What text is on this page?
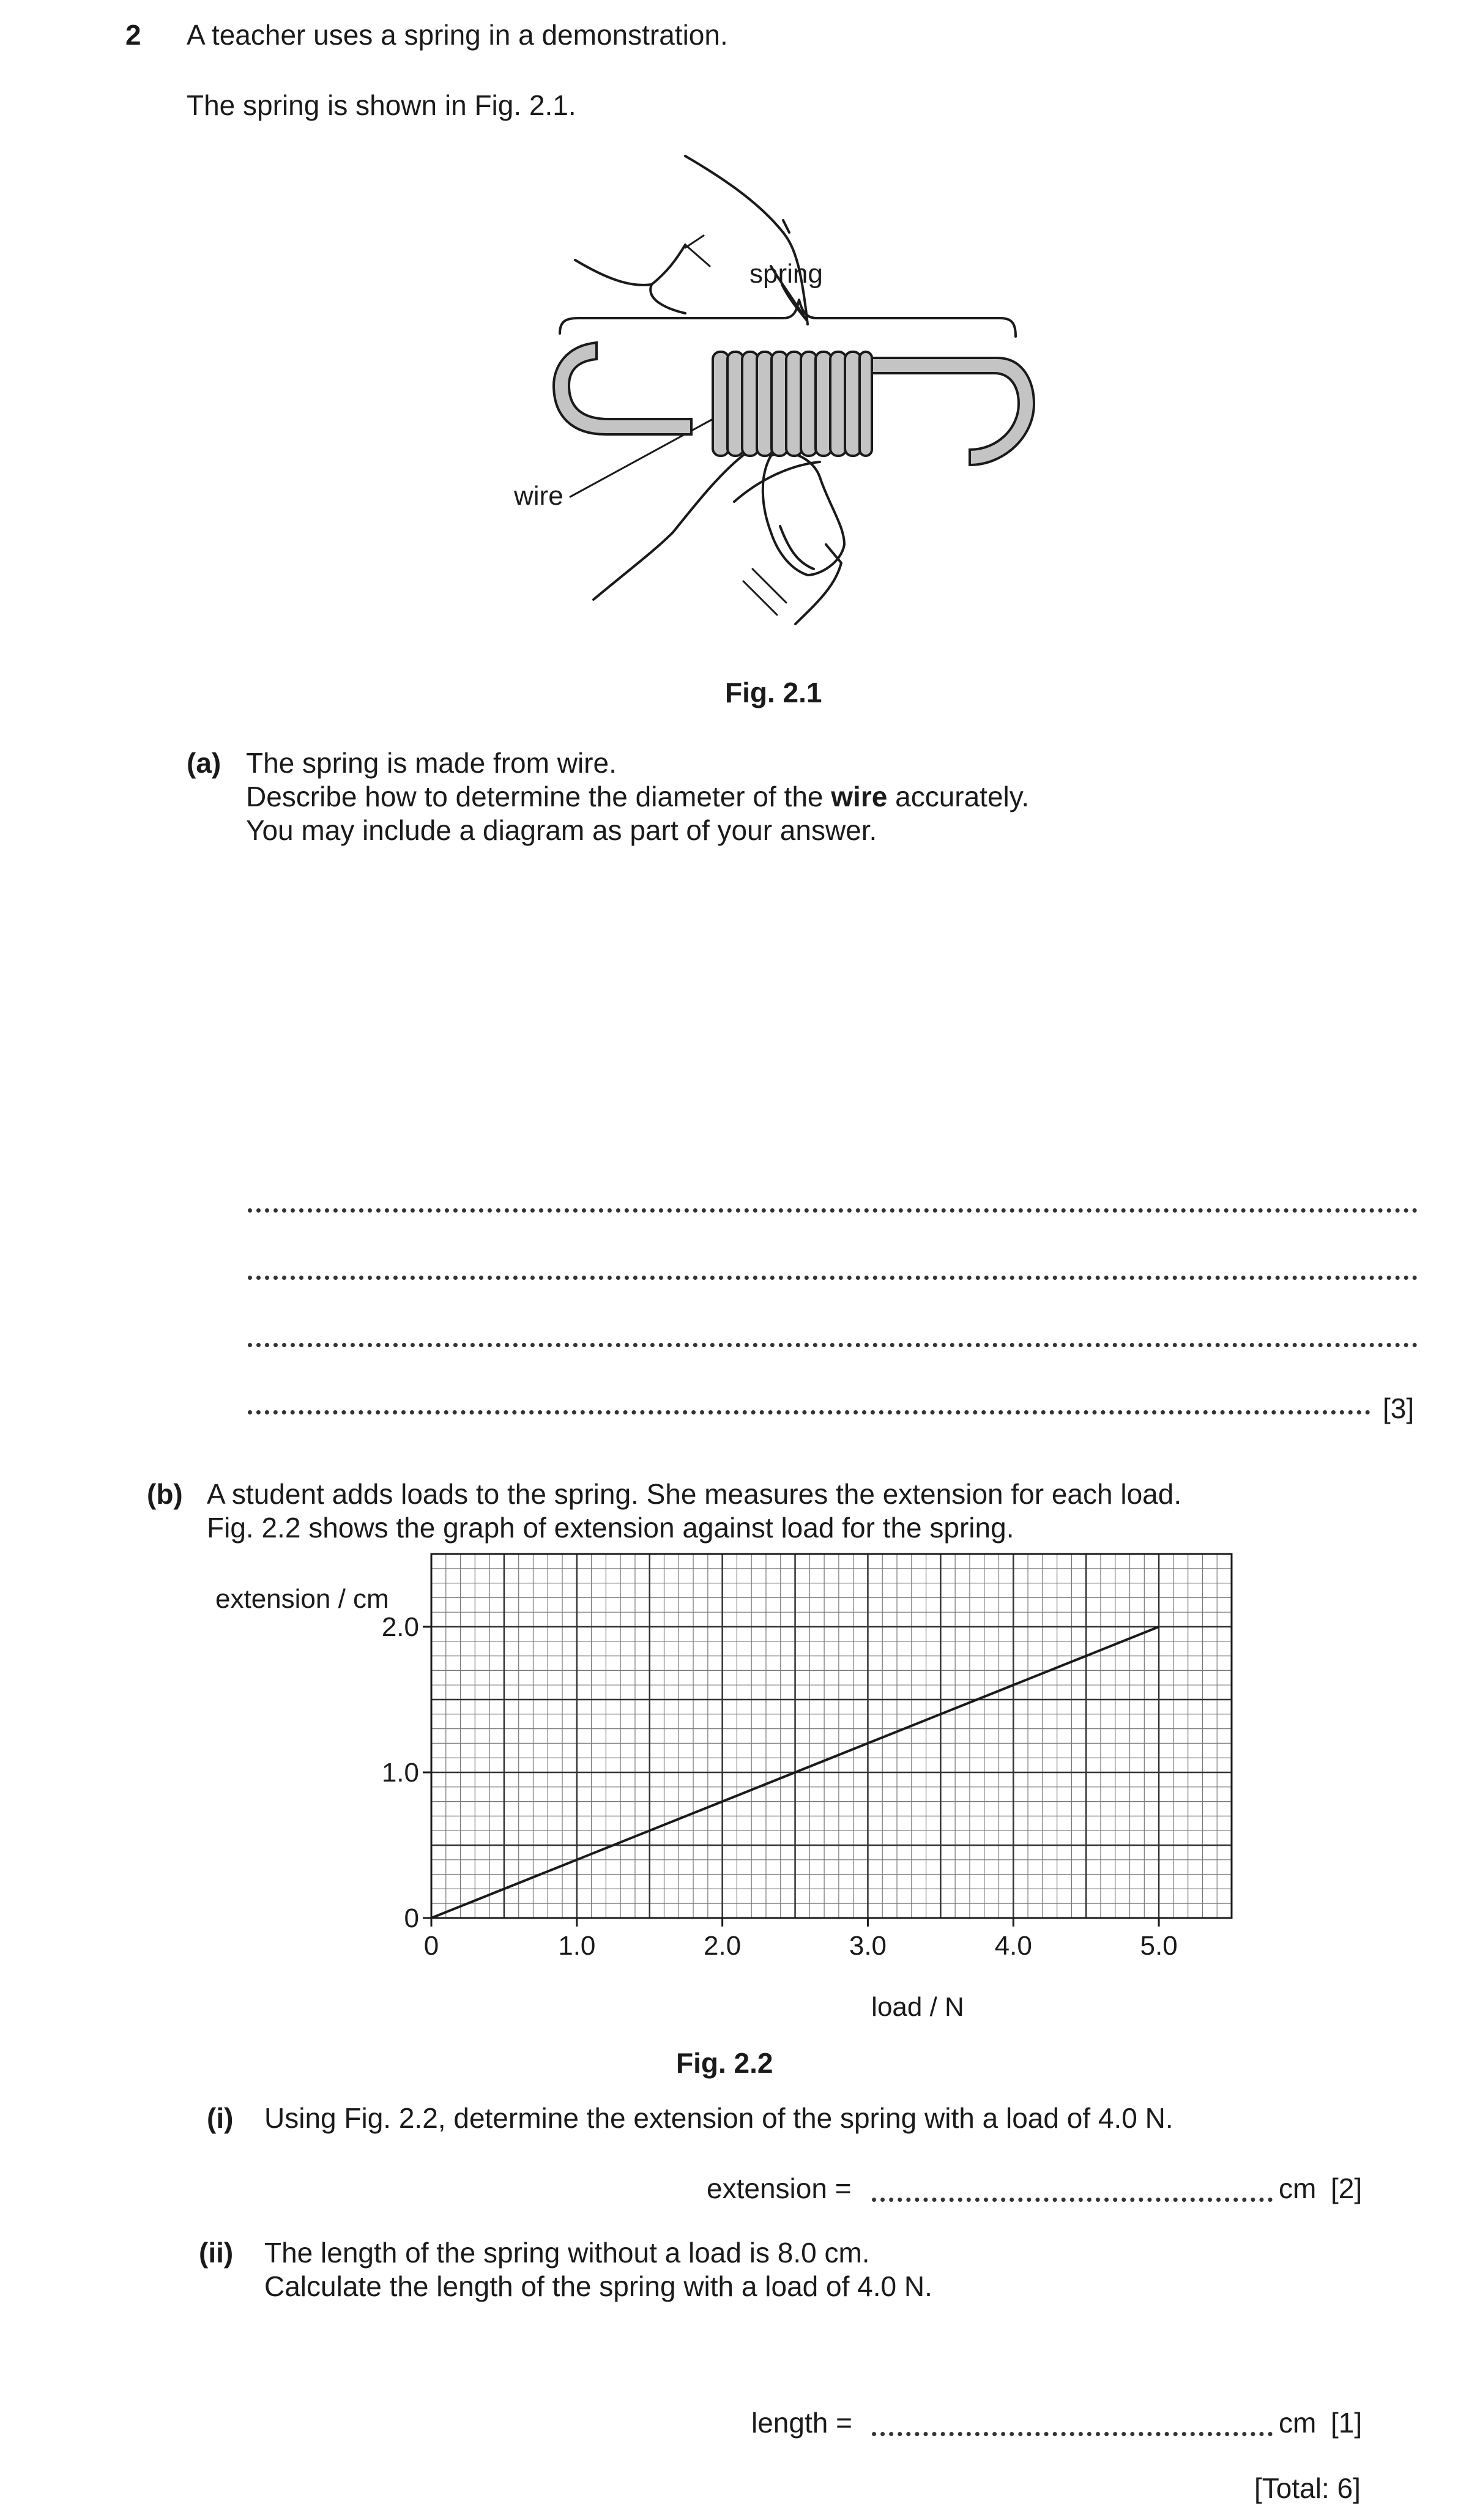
2 A teacher uses a spring in a demonstration.
The spring is shown in Fig. 2.1.
spring
wire
Fig. 2.1
(a) The spring is made from wire.
Describe how to determine the diameter of the wire accurately.
You may include a diagram as part of your answer.
[3]
(b) A student adds loads to the spring. She measures the extension for each load.
Fig. 2.2 shows the graph of extension against load for the spring.
0	1.0	2.0	3.0	4.0	5.0
0
1.0
2.0
extension / cm
load / N
Fig. 2.2
(i) Using Fig. 2.2, determine the extension of the spring with a load of 4.0 N.
extension =	cm [2]
(ii) The length of the spring without a load is 8.0 cm.
Calculate the length of the spring with a load of 4.0 N.
length =	cm [1]
[Total: 6]
